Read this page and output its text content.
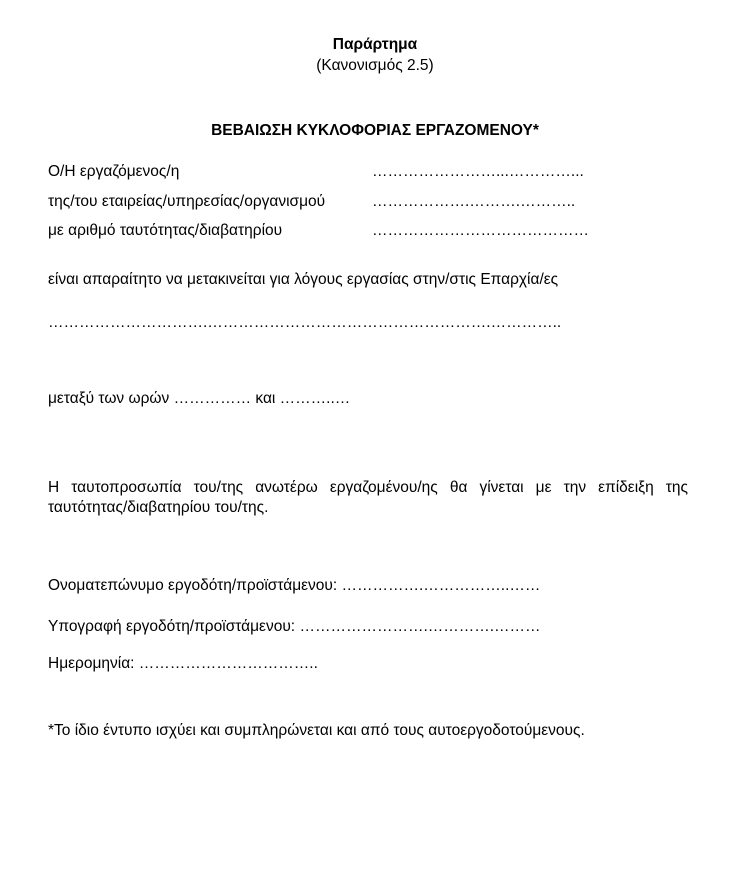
Παράρτημα
(Κανονισμός 2.5)
ΒΕΒΑΙΩΣΗ ΚΥΚΛΟΦΟΡΙΑΣ ΕΡΓΑΖΟΜΕΝΟΥ*
Ο/Η εργαζόμενος/η	……………………...…………...
της/του εταιρείας/υπηρεσίας/οργανισμού	……………….……….………..
με αριθμό ταυτότητας/διαβατηρίου	……………………………………
είναι απαραίτητο να μετακινείται για λόγους εργασίας στην/στις Επαρχία/ες
………………………….……………………………………………….…………..
μεταξύ των ωρών …………… και ………..…
Η ταυτοπροσωπία του/της ανωτέρω εργαζομένου/ης θα γίνεται με την επίδειξη της ταυτότητας/διαβατηρίου του/της.
Ονοματεπώνυμο εργοδότη/προϊστάμενου: …………….……………..……
Υπογραφή εργοδότη/προϊστάμενου: …………………….………….………
Ημερομηνία: ……………………………..
*Το ίδιο έντυπο ισχύει και συμπληρώνεται και από τους αυτοεργοδοτούμενους.
